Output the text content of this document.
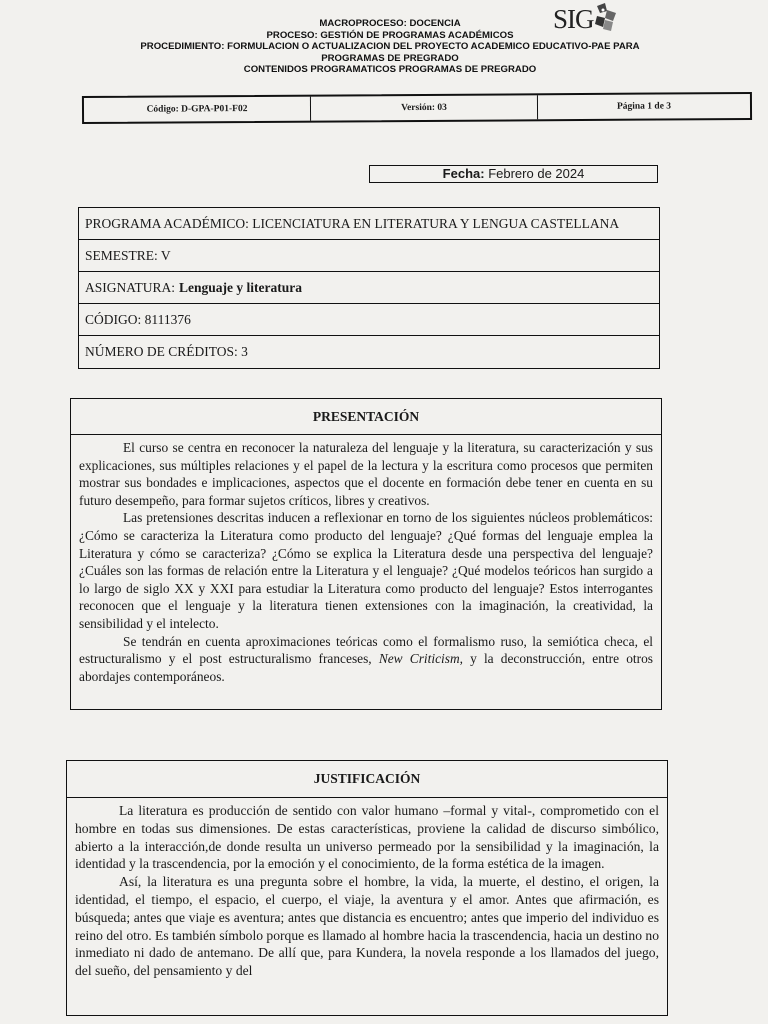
MACROPROCESO: DOCENCIA
PROCESO: GESTIÓN DE PROGRAMAS ACADÉMICOS
PROCEDIMIENTO: FORMULACION O ACTUALIZACION DEL PROYECTO ACADEMICO EDUCATIVO-PAE PARA
PROGRAMAS DE PREGRADO
CONTENIDOS PROGRAMATICOS PROGRAMAS DE PREGRADO
SIG
Código: D-GPA-P01-F02	Versión: 03	Página 1 de 3
Fecha: Febrero de 2024
PROGRAMA ACADÉMICO: LICENCIATURA EN LITERATURA Y LENGUA CASTELLANA
SEMESTRE: V
ASIGNATURA: Lenguaje y literatura
CÓDIGO: 8111376
NÚMERO DE CRÉDITOS: 3
PRESENTACIÓN

El curso se centra en reconocer la naturaleza del lenguaje y la literatura, su caracterización y sus explicaciones, sus múltiples relaciones y el papel de la lectura y la escritura como procesos que permiten mostrar sus bondades e implicaciones, aspectos que el docente en formación debe tener en cuenta en su futuro desempeño, para formar sujetos críticos, libres y creativos.

Las pretensiones descritas inducen a reflexionar en torno de los siguientes núcleos problemáticos:¿Cómo se caracteriza la Literatura como producto del lenguaje? ¿Qué formas del lenguaje emplea la Literatura y cómo se caracteriza? ¿Cómo se explica la Literatura desde una perspectiva del lenguaje? ¿Cuáles son las formas de relación entre la Literatura y el lenguaje? ¿Qué modelos teóricos han surgido a lo largo de siglo XX y XXI para estudiar la Literatura como producto del lenguaje? Estos interrogantes reconocen que el lenguaje y la literatura tienen extensiones con la imaginación, la creatividad, la sensibilidad y el intelecto.

Se tendrán en cuenta aproximaciones teóricas como el formalismo ruso, la semiótica checa, el estructuralismo y el post estructuralismo franceses, New Criticism, y la deconstrucción, entre otros abordajes contemporáneos.

JUSTIFICACIÓN

La literatura es producción de sentido con valor humano –formal y vital-, comprometido con el hombre en todas sus dimensiones. De estas características, proviene la calidad de discurso simbólico, abierto a la interacción,de donde resulta un universo permeado por la sensibilidad y la imaginación, la identidad y la trascendencia, por la emoción y el conocimiento, de la forma estética de la imagen.

Así, la literatura es una pregunta sobre el hombre, la vida, la muerte, el destino, el origen, la identidad, el tiempo, el espacio, el cuerpo, el viaje, la aventura y el amor. Antes que afirmación, es búsqueda; antes que viaje es aventura; antes que distancia es encuentro; antes que imperio del individuo es reino del otro. Es también símbolo porque es llamado al hombre hacia la trascendencia, hacia un destino no inmediato ni dado de antemano. De allí que, para Kundera, la novela responde a los llamados del juego, del sueño, del pensamiento y del
